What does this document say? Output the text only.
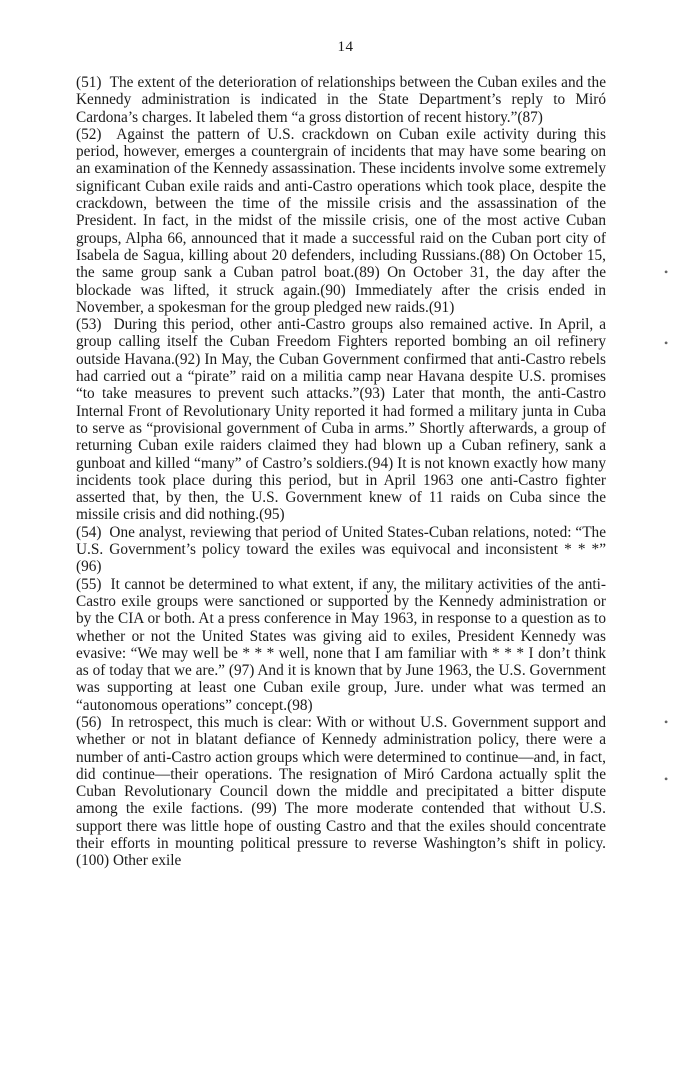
14

(51) The extent of the deterioration of relationships between the Cuban exiles and the Kennedy administration is indicated in the State Department’s reply to Miró Cardona’s charges. It labeled them “a gross distortion of recent history.”(87)

(52) Against the pattern of U.S. crackdown on Cuban exile activity during this period, however, emerges a countergrain of incidents that may have some bearing on an examination of the Kennedy assassination. These incidents involve some extremely significant Cuban exile raids and anti-Castro operations which took place, despite the crackdown, between the time of the missile crisis and the assassination of the President. In fact, in the midst of the missile crisis, one of the most active Cuban groups, Alpha 66, announced that it made a successful raid on the Cuban port city of Isabela de Sagua, killing about 20 defenders, including Russians.(88) On October 15, the same group sank a Cuban patrol boat.(89) On October 31, the day after the blockade was lifted, it struck again.(90) Immediately after the crisis ended in November, a spokesman for the group pledged new raids.(91)

(53) During this period, other anti-Castro groups also remained active. In April, a group calling itself the Cuban Freedom Fighters reported bombing an oil refinery outside Havana.(92) In May, the Cuban Government confirmed that anti-Castro rebels had carried out a “pirate” raid on a militia camp near Havana despite U.S. promises “to take measures to prevent such attacks.”(93) Later that month, the anti-Castro Internal Front of Revolutionary Unity reported it had formed a military junta in Cuba to serve as “provisional government of Cuba in arms.” Shortly afterwards, a group of returning Cuban exile raiders claimed they had blown up a Cuban refinery, sank a gunboat and killed “many” of Castro’s soldiers.(94) It is not known exactly how many incidents took place during this period, but in April 1963 one anti-Castro fighter asserted that, by then, the U.S. Government knew of 11 raids on Cuba since the missile crisis and did nothing.(95)

(54) One analyst, reviewing that period of United States-Cuban relations, noted: “The U.S. Government’s policy toward the exiles was equivocal and inconsistent * * *” (96)

(55) It cannot be determined to what extent, if any, the military activities of the anti-Castro exile groups were sanctioned or supported by the Kennedy administration or by the CIA or both. At a press conference in May 1963, in response to a question as to whether or not the United States was giving aid to exiles, President Kennedy was evasive: “We may well be * * * well, none that I am familiar with * * * I don’t think as of today that we are.” (97) And it is known that by June 1963, the U.S. Government was supporting at least one Cuban exile group, Jure. under what was termed an “autonomous operations” concept.(98)

(56) In retrospect, this much is clear: With or without U.S. Government support and whether or not in blatant defiance of Kennedy administration policy, there were a number of anti-Castro action groups which were determined to continue—and, in fact, did continue—their operations. The resignation of Miró Cardona actually split the Cuban Revolutionary Council down the middle and precipitated a bitter dispute among the exile factions. (99) The more moderate contended that without U.S. support there was little hope of ousting Castro and that the exiles should concentrate their efforts in mounting political pressure to reverse Washington’s shift in policy. (100) Other exile

•
•
•
•
